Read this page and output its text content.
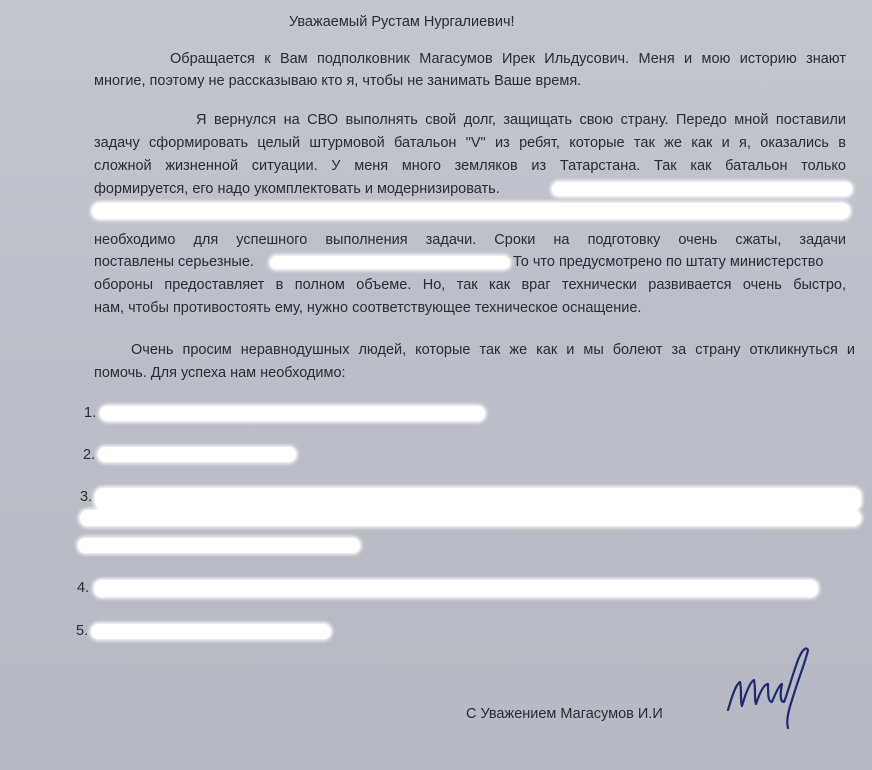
Уважаемый Рустам Нургалиевич!
Обращается к Вам подполковник Магасумов Ирек Ильдусович. Меня и мою историю знают
многие, поэтому не рассказываю кто я, чтобы не занимать Ваше время.
Я вернулся на СВО выполнять свой долг, защищать свою страну. Передо мной поставили
задачу сформировать целый штурмовой батальон "V" из ребят, которые так же как и я, оказались в
сложной жизненной ситуации. У меня много земляков из Татарстана. Так как батальон только
формируется, его надо укомплектовать и модернизировать.
необходимо для успешного выполнения задачи. Сроки на подготовку очень сжаты, задачи
поставлены серьезные.	То что предусмотрено по штату министерство
обороны предоставляет в полном объеме. Но, так как враг технически развивается очень быстро,
нам, чтобы противостоять ему, нужно соответствующее техническое оснащение.
Очень просим неравнодушных людей, которые так же как и мы болеют за страну откликнуться и
помочь. Для успеха нам необходимо:
1.
2.
3.
4.
5.
С Уважением Магасумов И.И
